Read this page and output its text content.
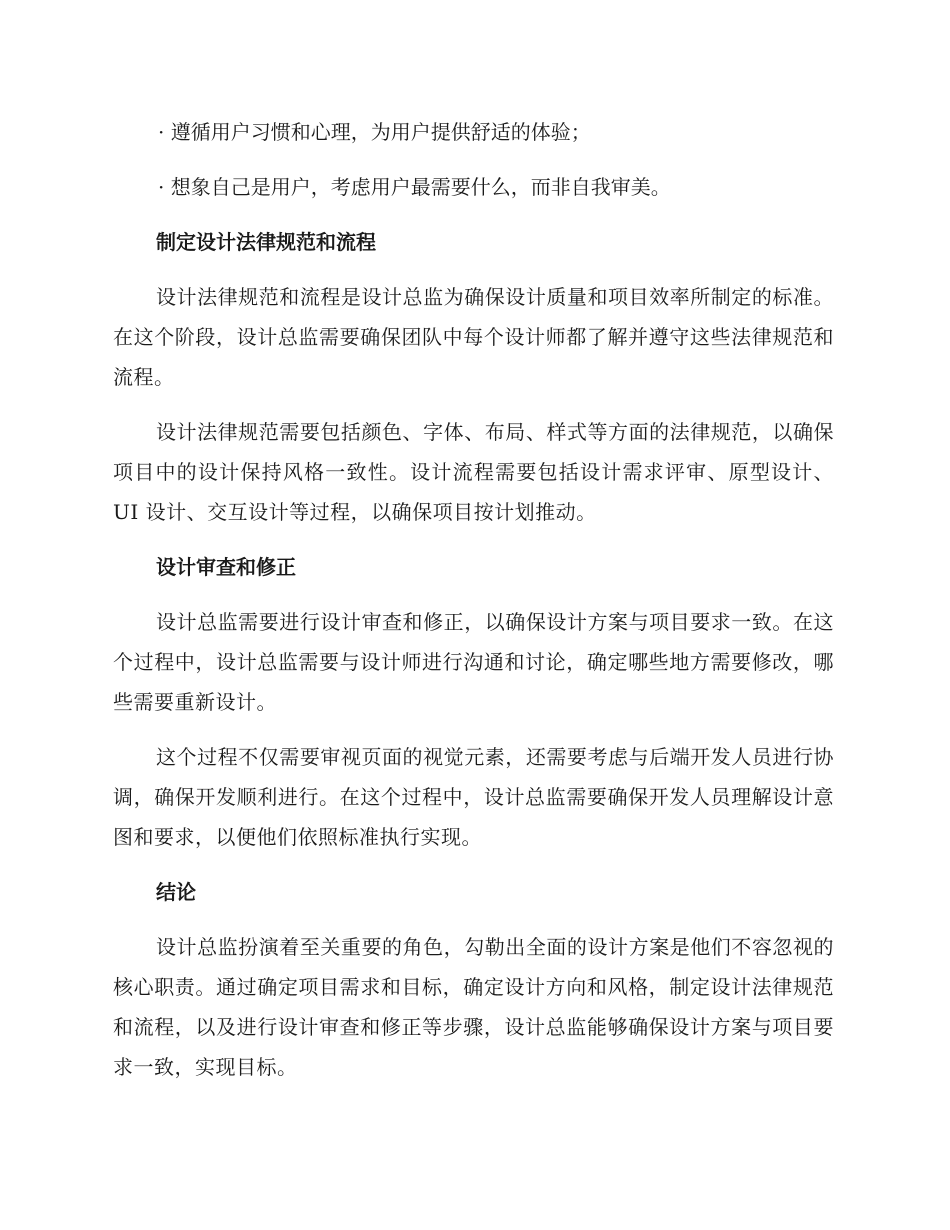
· 遵循用户习惯和心理，为用户提供舒适的体验；

· 想象自己是用户，考虑用户最需要什么，而非自我审美。

制定设计法律规范和流程

设计法律规范和流程是设计总监为确保设计质量和项目效率所制定的标准。在这个阶段，设计总监需要确保团队中每个设计师都了解并遵守这些法律规范和流程。

设计法律规范需要包括颜色、字体、布局、样式等方面的法律规范，以确保项目中的设计保持风格一致性。设计流程需要包括设计需求评审、原型设计、UI 设计、交互设计等过程，以确保项目按计划推动。

设计审查和修正

设计总监需要进行设计审查和修正，以确保设计方案与项目要求一致。在这个过程中，设计总监需要与设计师进行沟通和讨论，确定哪些地方需要修改，哪些需要重新设计。

这个过程不仅需要审视页面的视觉元素，还需要考虑与后端开发人员进行协调，确保开发顺利进行。在这个过程中，设计总监需要确保开发人员理解设计意图和要求，以便他们依照标准执行实现。

结论

设计总监扮演着至关重要的角色，勾勒出全面的设计方案是他们不容忽视的核心职责。通过确定项目需求和目标，确定设计方向和风格，制定设计法律规范和流程，以及进行设计审查和修正等步骤，设计总监能够确保设计方案与项目要求一致，实现目标。
